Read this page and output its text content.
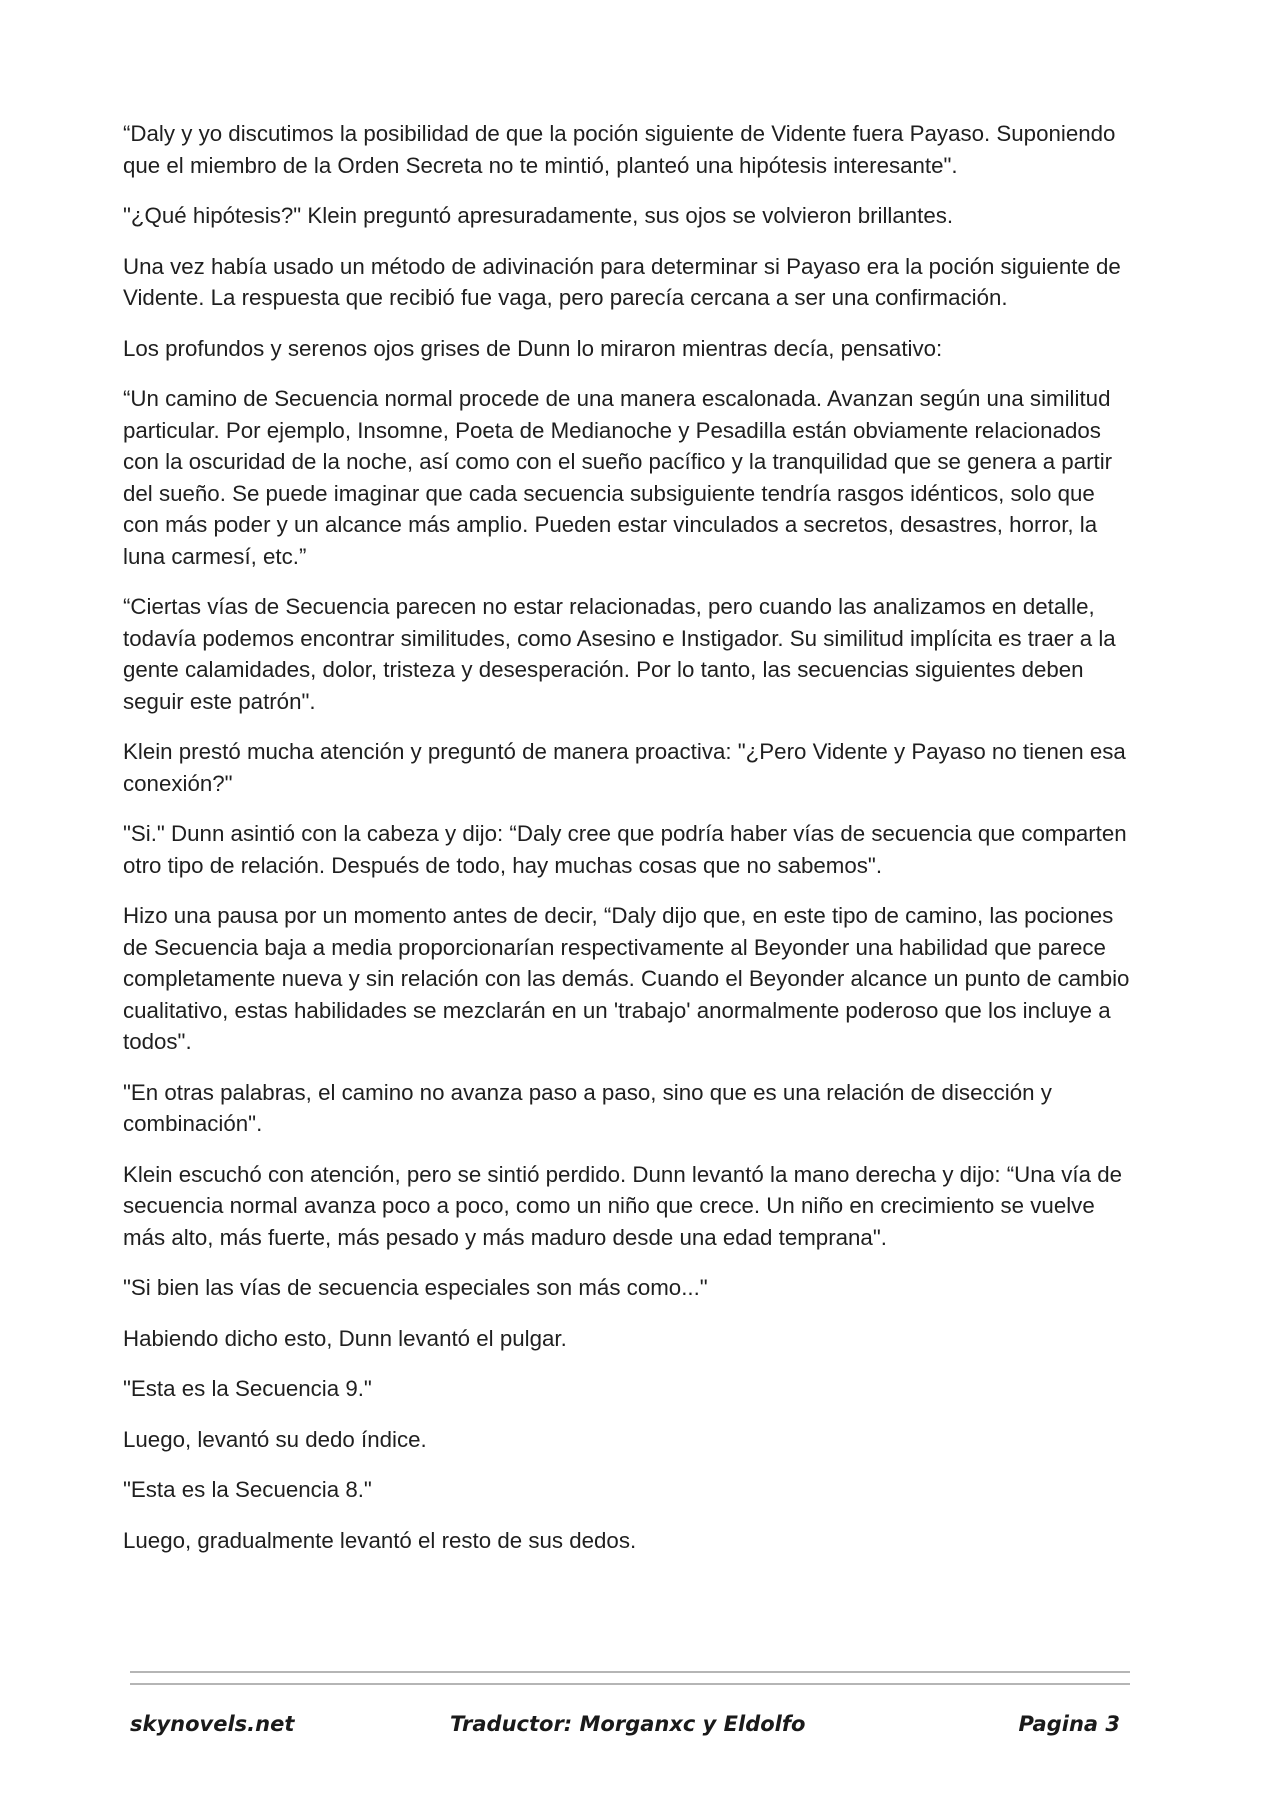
“Daly y yo discutimos la posibilidad de que la poción siguiente de Vidente fuera Payaso. Suponiendo que el miembro de la Orden Secreta no te mintió, planteó una hipótesis interesante".

"¿Qué hipótesis?" Klein preguntó apresuradamente, sus ojos se volvieron brillantes.

Una vez había usado un método de adivinación para determinar si Payaso era la poción siguiente de Vidente. La respuesta que recibió fue vaga, pero parecía cercana a ser una confirmación.

Los profundos y serenos ojos grises de Dunn lo miraron mientras decía, pensativo:

“Un camino de Secuencia normal procede de una manera escalonada. Avanzan según una similitud particular. Por ejemplo, Insomne, Poeta de Medianoche y Pesadilla están obviamente relacionados con la oscuridad de la noche, así como con el sueño pacífico y la tranquilidad que se genera a partir del sueño. Se puede imaginar que cada secuencia subsiguiente tendría rasgos idénticos, solo que con más poder y un alcance más amplio. Pueden estar vinculados a secretos, desastres, horror, la luna carmesí, etc.”

“Ciertas vías de Secuencia parecen no estar relacionadas, pero cuando las analizamos en detalle, todavía podemos encontrar similitudes, como Asesino e Instigador. Su similitud implícita es traer a la gente calamidades, dolor, tristeza y desesperación. Por lo tanto, las secuencias siguientes deben seguir este patrón".

Klein prestó mucha atención y preguntó de manera proactiva: "¿Pero Vidente y Payaso no tienen esa conexión?"

"Si." Dunn asintió con la cabeza y dijo: “Daly cree que podría haber vías de secuencia que comparten otro tipo de relación. Después de todo, hay muchas cosas que no sabemos".

Hizo una pausa por un momento antes de decir, “Daly dijo que, en este tipo de camino, las pociones de Secuencia baja a media proporcionarían respectivamente al Beyonder una habilidad que parece completamente nueva y sin relación con las demás. Cuando el Beyonder alcance un punto de cambio cualitativo, estas habilidades se mezclarán en un 'trabajo' anormalmente poderoso que los incluye a todos".

"En otras palabras, el camino no avanza paso a paso, sino que es una relación de disección y combinación".

Klein escuchó con atención, pero se sintió perdido. Dunn levantó la mano derecha y dijo: “Una vía de secuencia normal avanza poco a poco, como un niño que crece. Un niño en crecimiento se vuelve más alto, más fuerte, más pesado y más maduro desde una edad temprana".

"Si bien las vías de secuencia especiales son más como..."

Habiendo dicho esto, Dunn levantó el pulgar.

"Esta es la Secuencia 9."

Luego, levantó su dedo índice.

"Esta es la Secuencia 8."

Luego, gradualmente levantó el resto de sus dedos.

skynovels.net	Traductor: Morganxc y Eldolfo	Pagina 3
